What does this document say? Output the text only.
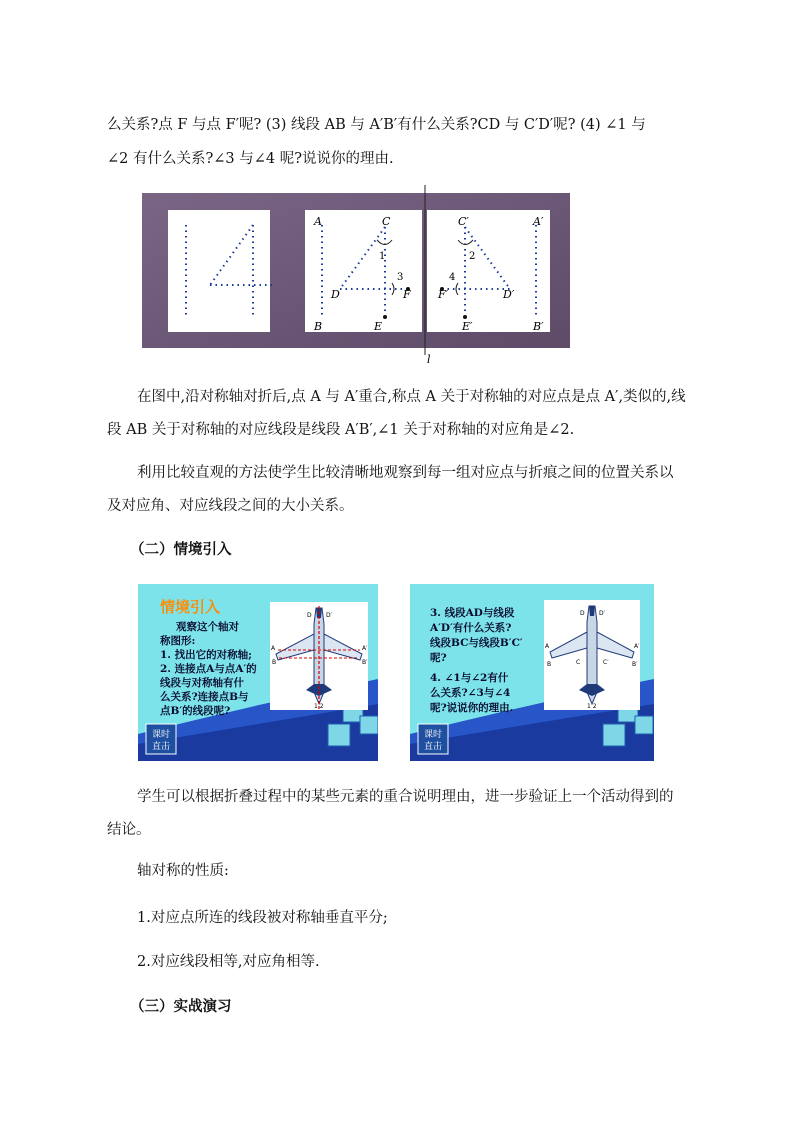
么关系?点 F 与点 F′呢? (3) 线段 AB 与 A′B′有什么关系?CD 与 C′D′呢? (4) ∠1 与
∠2 有什么关系?∠3 与∠4 呢?说说你的理由.
A
B
C
D
E
F
1
3
A′
B′
C′
D′
E′
F′
2
4
l
在图中,沿对称轴对折后,点 A 与 A′重合,称点 A 关于对称轴的对应点是点 A′,类似的,线段 AB 关于对称轴的对应线段是线段 A′B′,∠1 关于对称轴的对应角是∠2.
利用比较直观的方法使学生比较清晰地观察到每一组对应点与折痕之间的位置关系以及对应角、对应线段之间的大小关系。
（二）情境引入
课时
直击
D D′
A	A′
B	B′
1 2
情境引入
观察这个轴对
称图形:
1. 找出它的对称轴;
2. 连接点A与点A′的
线段与对称轴有什
么关系?连接点B与
点B′的线段呢?
课时
直击
D D′
A	A′
B	B′
C	C′
1 2
3. 线段AD与线段
A′D′有什么关系?
线段BC与线段B′C′
呢?
4. ∠1与∠2有什
么关系?∠3与∠4
呢?说说你的理由.
学生可以根据折叠过程中的某些元素的重合说明理由，进一步验证上一个活动得到的结论。
轴对称的性质:
1.对应点所连的线段被对称轴垂直平分;
2.对应线段相等,对应角相等.
（三）实战演习
